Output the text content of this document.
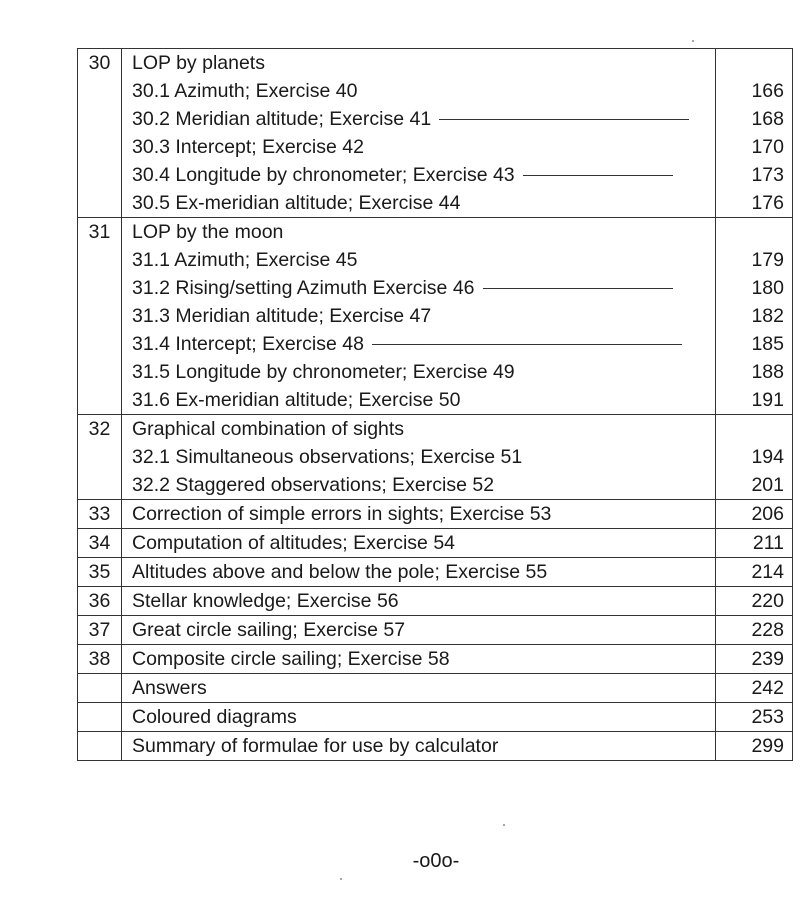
30	LOP by planets	
	30.1 Azimuth; Exercise 40	166
	30.2 Meridian altitude; Exercise 41	168
	30.3 Intercept; Exercise 42	170
	30.4 Longitude by chronometer; Exercise 43	173
	30.5 Ex-meridian altitude; Exercise 44	176
31	LOP by the moon	
	31.1 Azimuth; Exercise 45	179
	31.2 Rising/setting Azimuth Exercise 46	180
	31.3 Meridian altitude; Exercise 47	182
	31.4 Intercept; Exercise 48	185
	31.5 Longitude by chronometer; Exercise 49	188
	31.6 Ex-meridian altitude; Exercise 50	191
32	Graphical combination of sights	
	32.1 Simultaneous observations; Exercise 51	194
	32.2 Staggered observations; Exercise 52	201
33	Correction of simple errors in sights; Exercise 53	206
34	Computation of altitudes; Exercise 54	211
35	Altitudes above and below the pole; Exercise 55	214
36	Stellar knowledge; Exercise 56	220
37	Great circle sailing; Exercise 57	228
38	Composite circle sailing; Exercise 58	239
	Answers	242
	Coloured diagrams	253
	Summary of formulae for use by calculator	299
-o0o-
